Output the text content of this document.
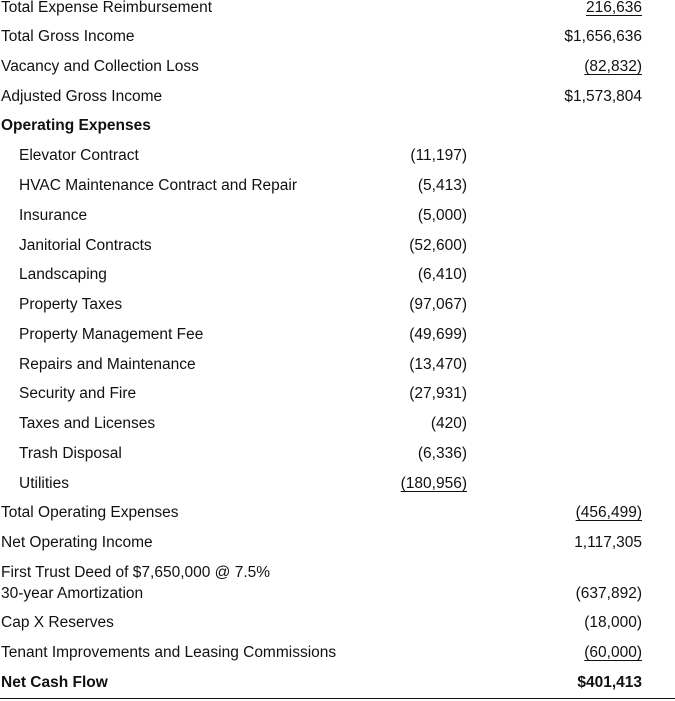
Total Expense Reimbursement	216,636
Total Gross Income	$1,656,636
Vacancy and Collection Loss	(82,832)
Adjusted Gross Income	$1,573,804
Operating Expenses
Elevator Contract	(11,197)
HVAC Maintenance Contract and Repair	(5,413)
Insurance	(5,000)
Janitorial Contracts	(52,600)
Landscaping	(6,410)
Property Taxes	(97,067)
Property Management Fee	(49,699)
Repairs and Maintenance	(13,470)
Security and Fire	(27,931)
Taxes and Licenses	(420)
Trash Disposal	(6,336)
Utilities	(180,956)
Total Operating Expenses	(456,499)
Net Operating Income	1,117,305
First Trust Deed of $7,650,000 @ 7.5%
30-year Amortization	(637,892)
Cap X Reserves	(18,000)
Tenant Improvements and Leasing Commissions	(60,000)
Net Cash Flow	$401,413
